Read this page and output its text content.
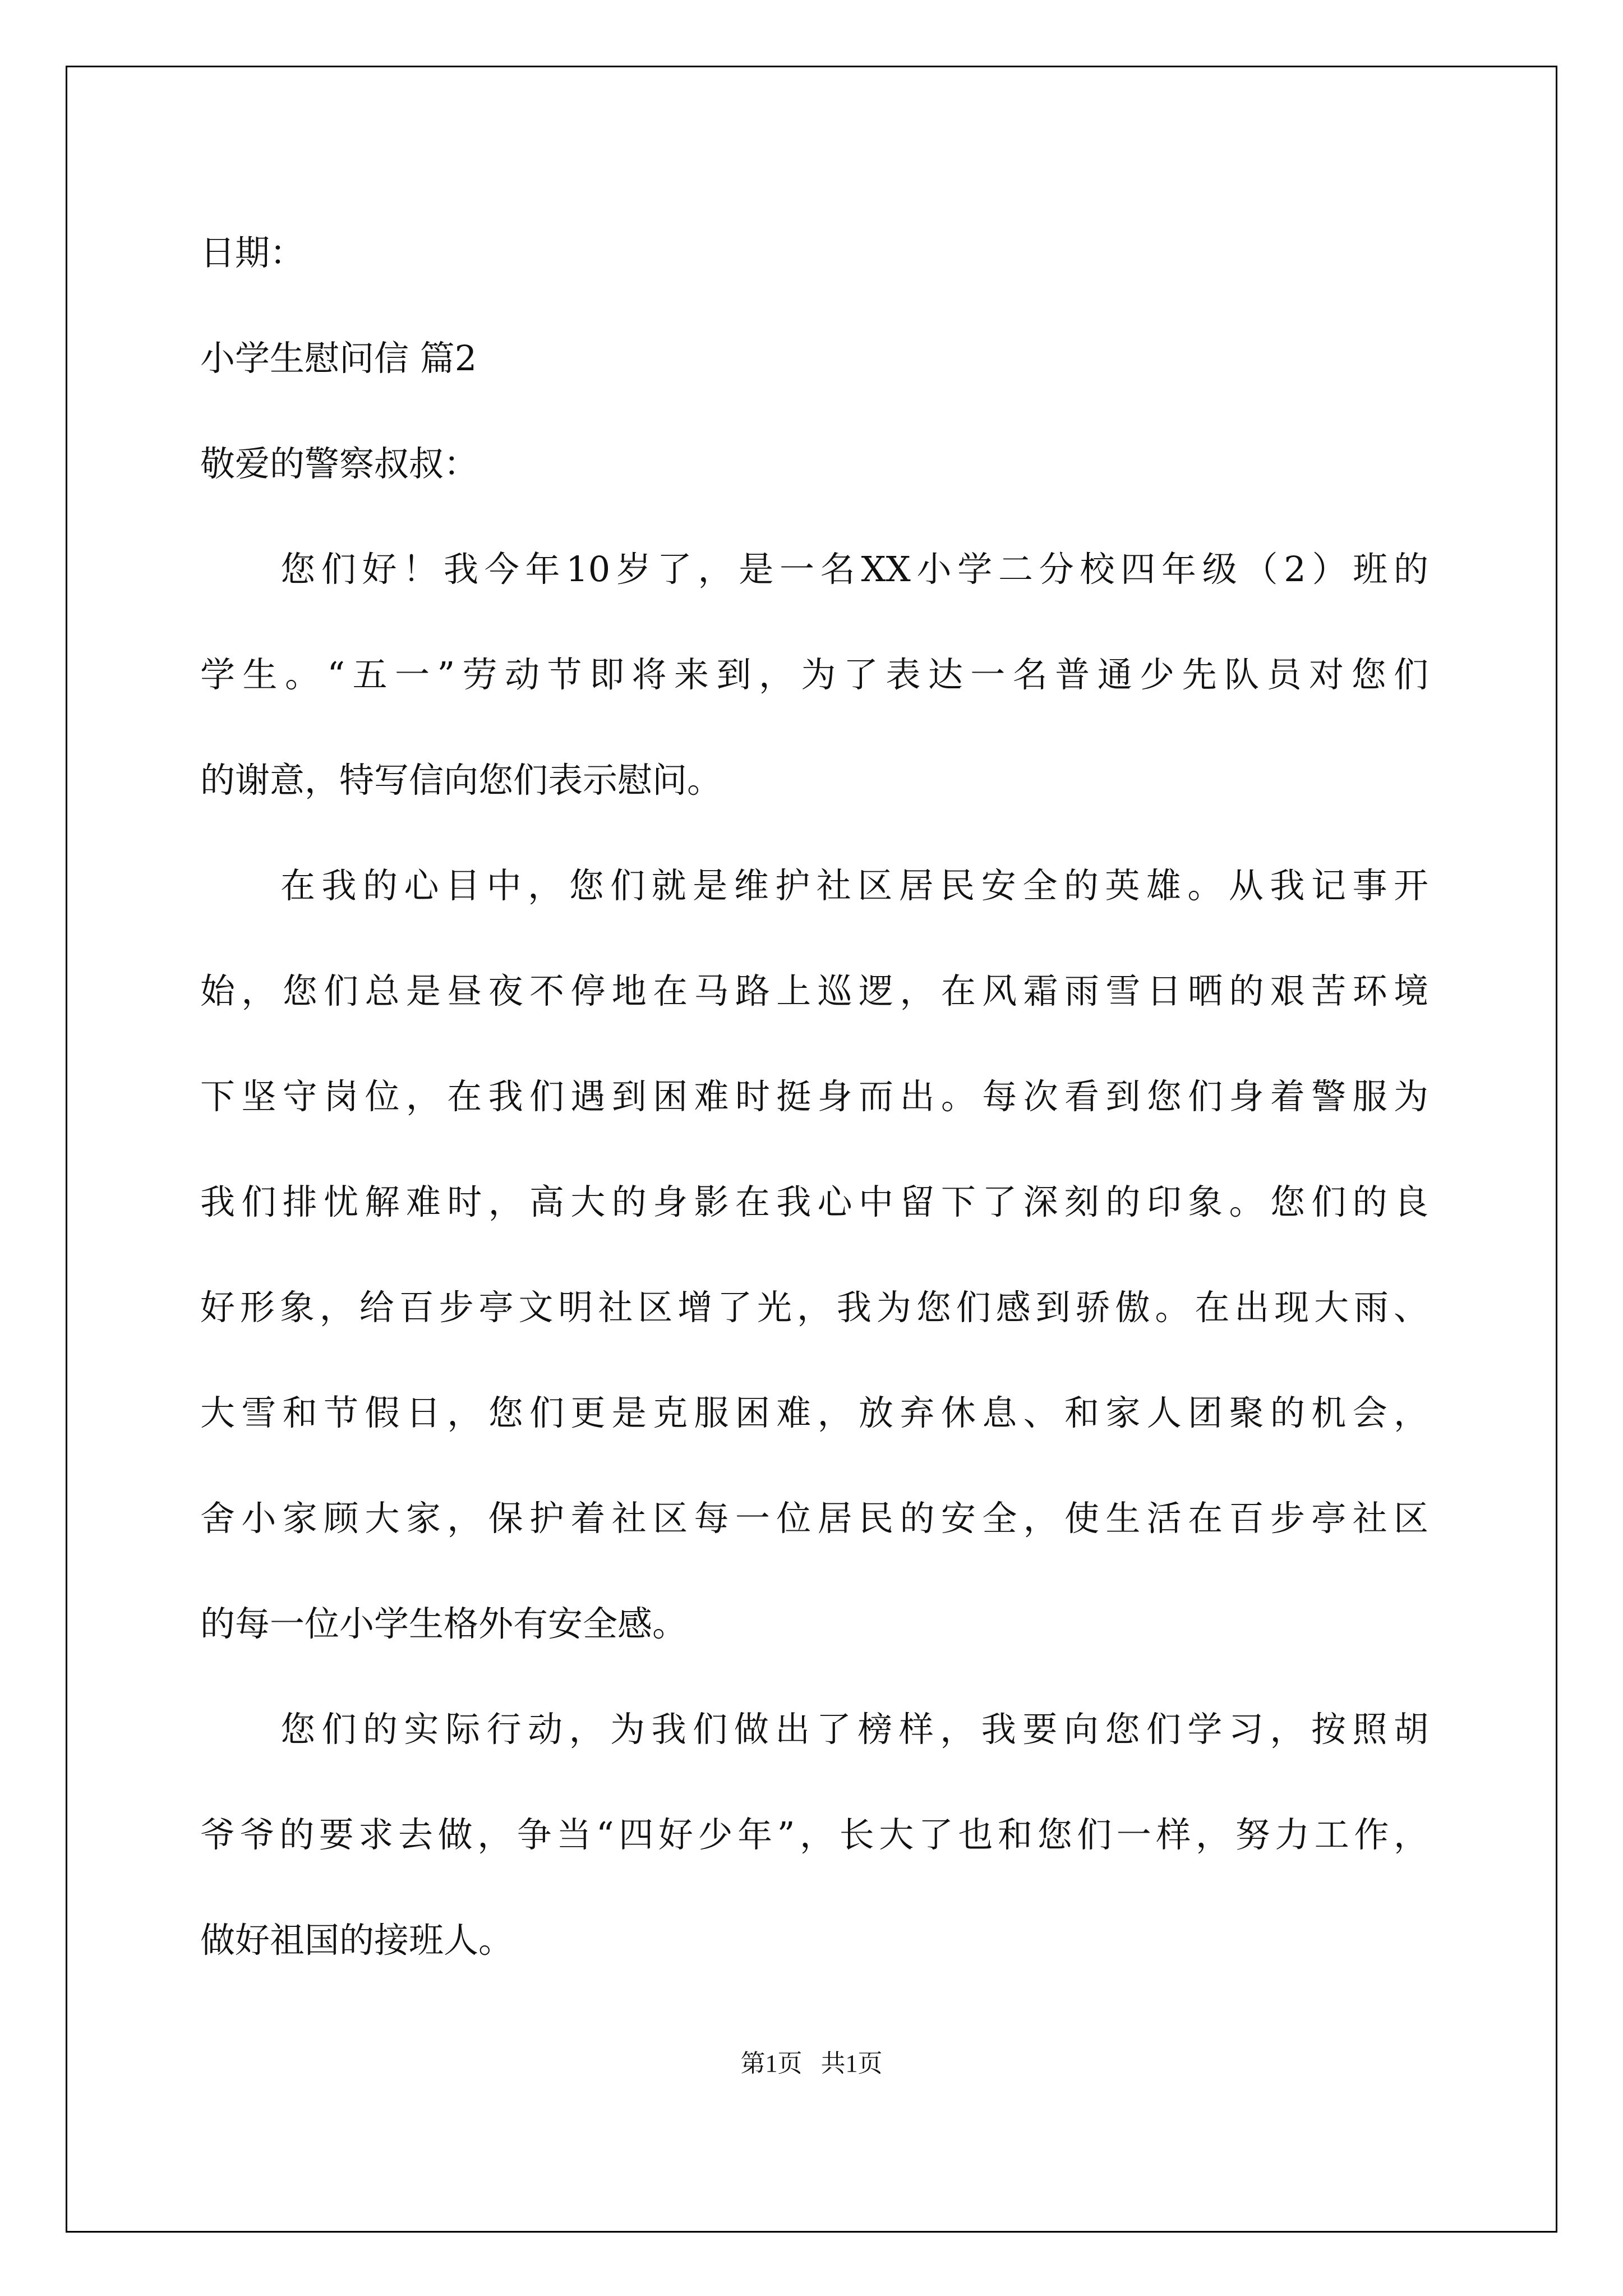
日期：

小学生慰问信 篇2

敬爱的警察叔叔：

您们好！我今年10岁了，是一名XX小学二分校四年级（2）班的

学生。“五一”劳动节即将来到，为了表达一名普通少先队员对您们

的谢意，特写信向您们表示慰问。

在我的心目中，您们就是维护社区居民安全的英雄。从我记事开

始，您们总是昼夜不停地在马路上巡逻，在风霜雨雪日晒的艰苦环境

下坚守岗位，在我们遇到困难时挺身而出。每次看到您们身着警服为

我们排忧解难时，高大的身影在我心中留下了深刻的印象。您们的良

好形象，给百步亭文明社区增了光，我为您们感到骄傲。在出现大雨、

大雪和节假日，您们更是克服困难，放弃休息、和家人团聚的机会，

舍小家顾大家，保护着社区每一位居民的安全，使生活在百步亭社区

的每一位小学生格外有安全感。

您们的实际行动，为我们做出了榜样，我要向您们学习，按照胡

爷爷的要求去做，争当“四好少年”，长大了也和您们一样，努力工作，

做好祖国的接班人。

第1页   共1页
